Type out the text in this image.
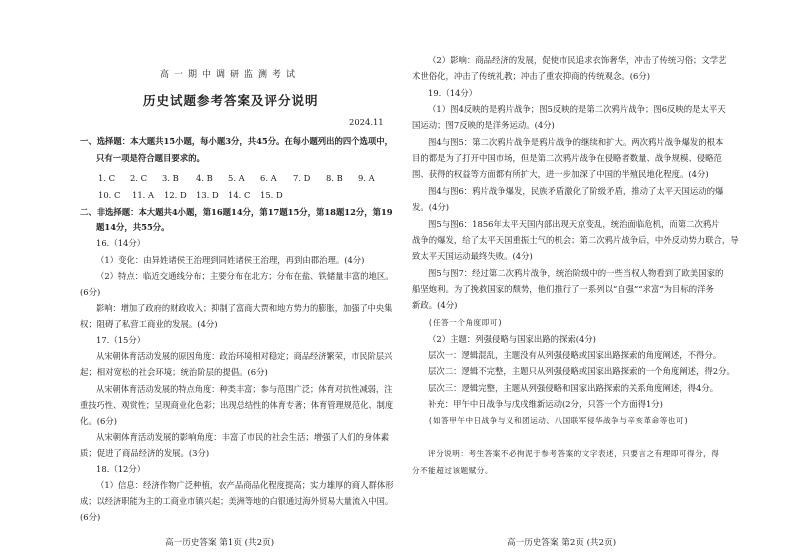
高一期中调研监测考试
历史试题参考答案及评分说明
2024.11
一、选择题：本大题共15小题，每小题3分，共45分。在每小题列出的四个选项中，
只有一项是符合题目要求的。
1. C 2. C 3. B 4. B 5. A 6. A 7. D 8. B 9. A
10. C 11. A 12. D 13. D 14. C 15. D
二、非选择题：本大题共4小题，第16题14分，第17题15分，第18题12分，第19
题14分，共55分。
16.（14分）
（1）变化：由异姓诸侯王治理到同姓诸侯王治理，再到由郡治理。(4分)
（2）特点：临近交通线分布；主要分布在北方；分布在盐、铁储量丰富的地区。
(6分)
影响：增加了政府的财政收入；抑制了富商大贾和地方势力的膨胀，加强了中央集
权；阻碍了私营工商业的发展。(4分)
17.（15分）
从宋朝体育活动发展的原因角度：政治环境相对稳定；商品经济繁荣，市民阶层兴
起；相对宽松的社会环境；统治阶层的提倡。(6分)
从宋朝体育活动发展的特点角度：种类丰富；参与范围广泛；体育对抗性减弱，注
重技巧性、观赏性；呈现商业化色彩；出现总结性的体育专著；体育管理规范化、制度
化。(6分)
从宋朝体育活动发展的影响角度：丰富了市民的社会生活；增强了人们的身体素
质；促进了商品经济的发展。(3分)
18.（12分）
（1）信息：经济作物广泛种植，农产品商品化程度提高；实力雄厚的商人群体形
成；以经济职能为主的工商业市镇兴起；美洲等地的白银通过海外贸易大量流入中国。
(6分)
高一历史答案 第1页 (共2页)
（2）影响：商品经济的发展，促使市民追求衣饰奢华，冲击了传统习俗；文学艺
术世俗化，冲击了传统礼教；冲击了重农抑商的传统观念。(6分)
19.（14分）
（1）图4反映的是鸦片战争；图5反映的是第二次鸦片战争；图6反映的是太平天
国运动；图7反映的是洋务运动。(4分)
图4与图5：第二次鸦片战争是鸦片战争的继续和扩大。两次鸦片战争爆发的根本
目的都是为了打开中国市场，但是第二次鸦片战争在侵略者数量、战争规模、侵略范
围、获得的权益等方面都有所扩大，进一步加深了中国的半殖民地化程度。(4分)
图4与图6：鸦片战争爆发，民族矛盾激化了阶级矛盾，推动了太平天国运动的爆
发。(4分)
图5与图6：1856年太平天国内部出现天京变乱，统治面临危机，而第二次鸦片
战争的爆发，给了太平天国重振士气的机会；第二次鸦片战争后，中外反动势力联合，导
致太平天国运动最终失败。(4分)
图5与图7：经过第二次鸦片战争，统治阶级中的一些当权人物看到了欧美国家的
船坚炮利。为了挽救国家的颓势，他们推行了一系列以“自强”“求富”为目标的洋务
新政。(4分)
(任答一个角度即可)
（2）主题：列强侵略与国家出路的探索(4分)
层次一：逻辑混乱，主题没有从列强侵略或国家出路探索的角度阐述，不得分。
层次二：逻辑不完整，主题只从列强侵略或国家出路探索的一个角度阐述，得2分。
层次三：逻辑完整，主题从列强侵略和国家出路探索的关系角度阐述，得4分。
补充：甲午中日战争与戊戌维新运动(2分，只答一个方面得1分)
(如答甲午中日战争与义和团运动、八国联军侵华战争与辛亥革命等也可)
评分说明：考生答案不必拘泥于参考答案的文字表述，只要言之有理即可得分，得
分不能超过该题赋分。
高一历史答案 第2页 (共2页)
